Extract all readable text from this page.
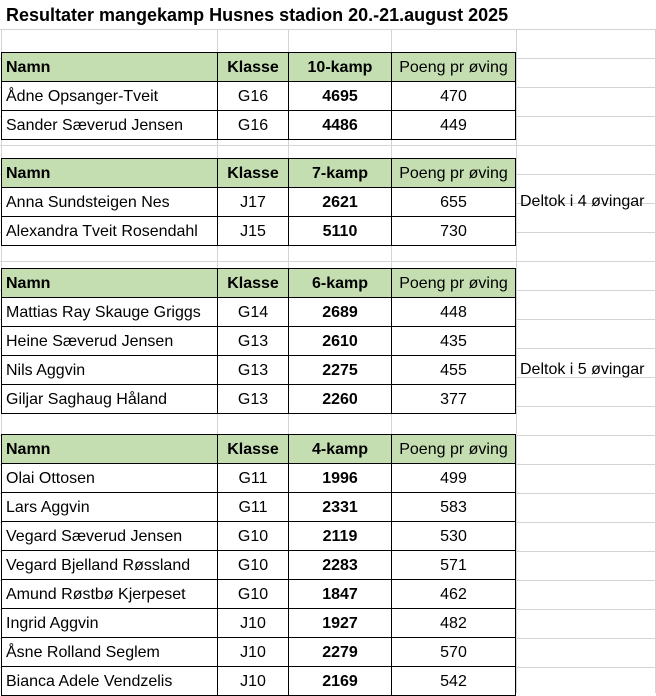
Resultater mangekamp Husnes stadion 20.-21.august 2025
Namn	Klasse	10-kamp	Poeng pr øving
Ådne Opsanger-Tveit	G16	4695	470
Sander Sæverud Jensen	G16	4486	449
Namn	Klasse	7-kamp	Poeng pr øving
Anna Sundsteigen Nes	J17	2621	655	Deltok i 4 øvingar
Alexandra Tveit Rosendahl	J15	5110	730
Namn	Klasse	6-kamp	Poeng pr øving
Mattias Ray Skauge Griggs	G14	2689	448
Heine Sæverud Jensen	G13	2610	435
Nils Aggvin	G13	2275	455	Deltok i 5 øvingar
Giljar Saghaug Håland	G13	2260	377
Namn	Klasse	4-kamp	Poeng pr øving
Olai Ottosen	G11	1996	499
Lars Aggvin	G11	2331	583
Vegard Sæverud Jensen	G10	2119	530
Vegard Bjelland Røssland	G10	2283	571
Amund Røstbø Kjerpeset	G10	1847	462
Ingrid Aggvin	J10	1927	482
Åsne Rolland Seglem	J10	2279	570
Bianca Adele Vendzelis	J10	2169	542
